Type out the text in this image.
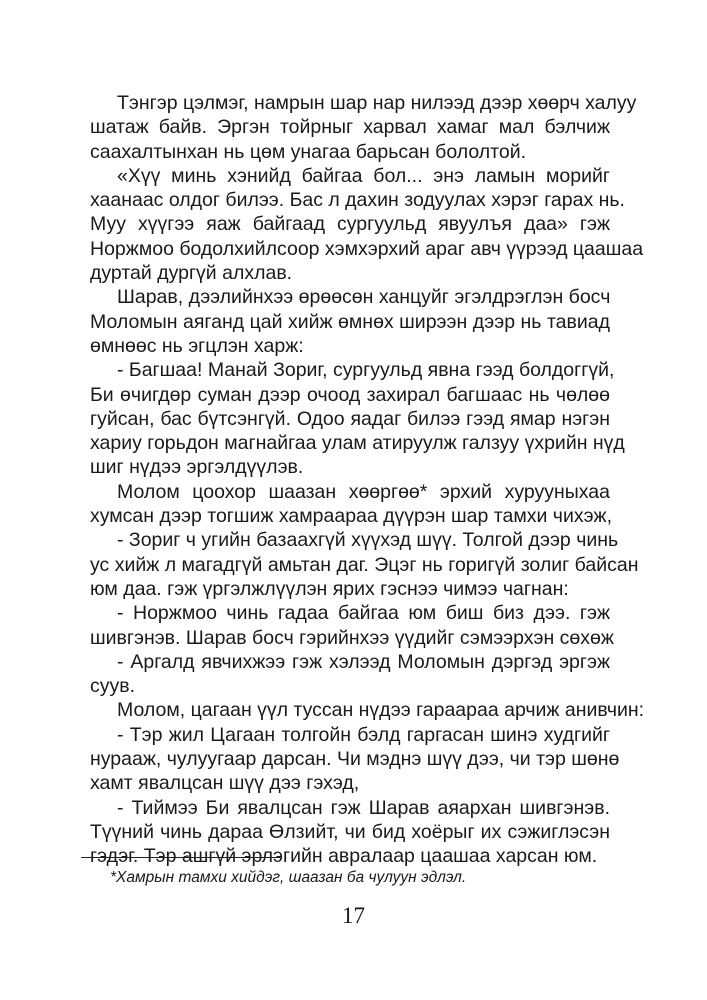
Тэнгэр цэлмэг, намрын шар нар нилээд дээр хөөрч халуу
шатаж байв. Эргэн тойрныг харвал хамаг мал бэлчиж
саахалтынхан нь цөм унагаа барьсан бололтой.
«Хүү минь хэнийд байгаа бол... энэ ламын морийг
хаанаас олдог билээ. Бас л дахин зодуулах хэрэг гарах нь.
Муу хүүгээ яаж байгаад сургуульд явуулъя даа» гэж
Норжмоо бодолхийлсоор хэмхэрхий араг авч үүрээд цаашаа
дуртай дургүй алхлав.
Шарав, дээлийнхээ өрөөсөн ханцуйг эгэлдрэглэн босч
Моломын аяганд цай хийж өмнөх ширээн дээр нь тавиад
өмнөөс нь эгцлэн харж:
- Багшаа! Манай Зориг, сургуульд явна гээд болдоггүй,
Би өчигдөр суман дээр очоод захирал багшаас нь чөлөө
гуйсан, бас бүтсэнгүй. Одоо яадаг билээ гээд ямар нэгэн
хариу горьдон магнайгаа улам атируулж галзуу үхрийн нүд
шиг нүдээ эргэлдүүлэв.
Молом цоохор шаазан хөөргөө* эрхий хурууныхаа
хумсан дээр тогшиж хамраараа дүүрэн шар тамхи чихэж,
- Зориг ч угийн базаахгүй хүүхэд шүү. Толгой дээр чинь
ус хийж л магадгүй амьтан даг. Эцэг нь горигүй золиг байсан
юм даа. гэж үргэлжлүүлэн ярих гэснээ чимээ чагнан:
- Норжмоо чинь гадаа байгаа юм биш биз дээ. гэж
шивгэнэв. Шарав босч гэрийнхээ үүдийг сэмээрхэн сөхөж
- Аргалд явчихжээ гэж хэлээд Моломын дэргэд эргэж
суув.
Молом, цагаан үүл туссан нүдээ гараараа арчиж анивчин:
- Тэр жил Цагаан толгойн бэлд гаргасан шинэ худгийг
нурааж, чулуугаар дарсан. Чи мэднэ шүү дээ, чи тэр шөнө
хамт явалцсан шүү дээ гэхэд,
- Тиймээ Би явалцсан гэж Шарав аяархан шивгэнэв.
Түүний чинь дараа Өлзийт, чи бид хоёрыг их сэжиглэсэн
гэдэг. Тэр ашгүй эрлэгийн авралаар цаашаа харсан юм.
*Хамрын тамхи хийдэг, шаазан ба чулуун эдлэл.
17
